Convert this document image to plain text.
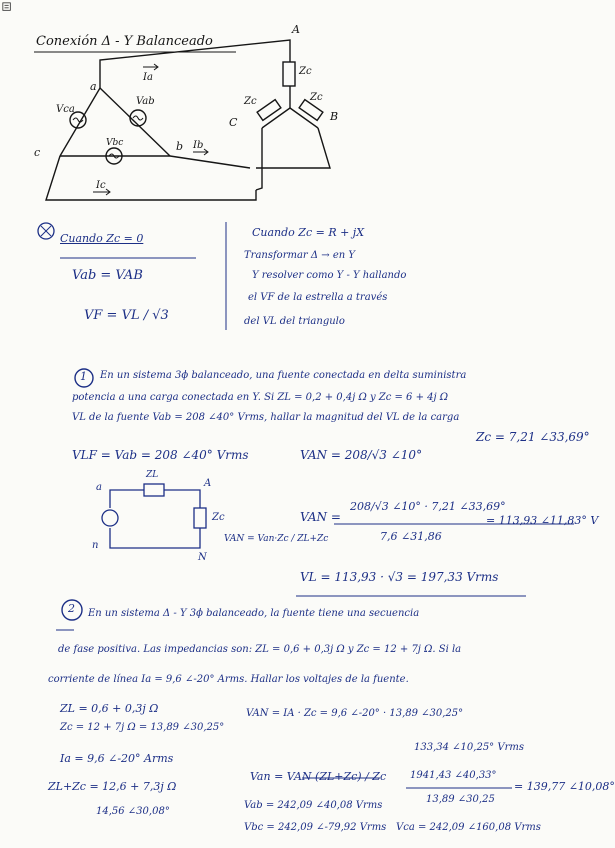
Conexión Δ - Y Balanceado
A
B
C
a
b
c
Zc
Zc	Zc
Vca
Vab
Vbc
Ia
Ib
Ic
Cuando Zc = 0
Vab = VAB
VF = VL / √3
Cuando Zc = R + jX
Transformar Δ → en Y
Y resolver como Y - Y hallando
el VF de la estrella a través
del VL del triangulo
1 En un sistema 3ϕ balanceado, una fuente conectada en delta suministra
potencia a una carga conectada en Y. Si ZL = 0,2 + 0,4j Ω y Zc = 6 + 4j Ω
VL de la fuente Vab = 208 ∠40° Vrms, hallar la magnitud del VL de la carga
VLF = Vab = 208 ∠40° Vrms	VAN = 208/√3 ∠10°
Zc = 7,21 ∠33,69°
a	A
n
N
ZL
Zc
VAN = Van·Zc / ZL+Zc
VAN =
208/√3 ∠10° · 7,21 ∠33,69°
7,6 ∠31,86
= 113,93 ∠11,83° V
VL = 113,93 · √3 = 197,33 Vrms
2 En un sistema Δ - Y 3ϕ balanceado, la fuente tiene una secuencia
de fase positiva. Las impedancias son: ZL = 0,6 + 0,3j Ω y Zc = 12 + 7j Ω. Si la
corriente de línea Ia = 9,6 ∠-20° Arms. Hallar los voltajes de la fuente.
ZL = 0,6 + 0,3j Ω
Zc = 12 + 7j Ω = 13,89 ∠30,25°
Ia = 9,6 ∠-20° Arms
ZL+Zc = 12,6 + 7,3j Ω
14,56 ∠30,08°
VAN = IA · Zc = 9,6 ∠-20° · 13,89 ∠30,25°
133,34 ∠10,25° Vrms
Van = VAN (ZL+Zc) / Zc 1941,43 ∠40,33°
13,89 ∠30,25
= 139,77 ∠10,08°
Vab = 242,09 ∠40,08 Vrms
Vbc = 242,09 ∠-79,92 Vrms Vca = 242,09 ∠160,08 Vrms
